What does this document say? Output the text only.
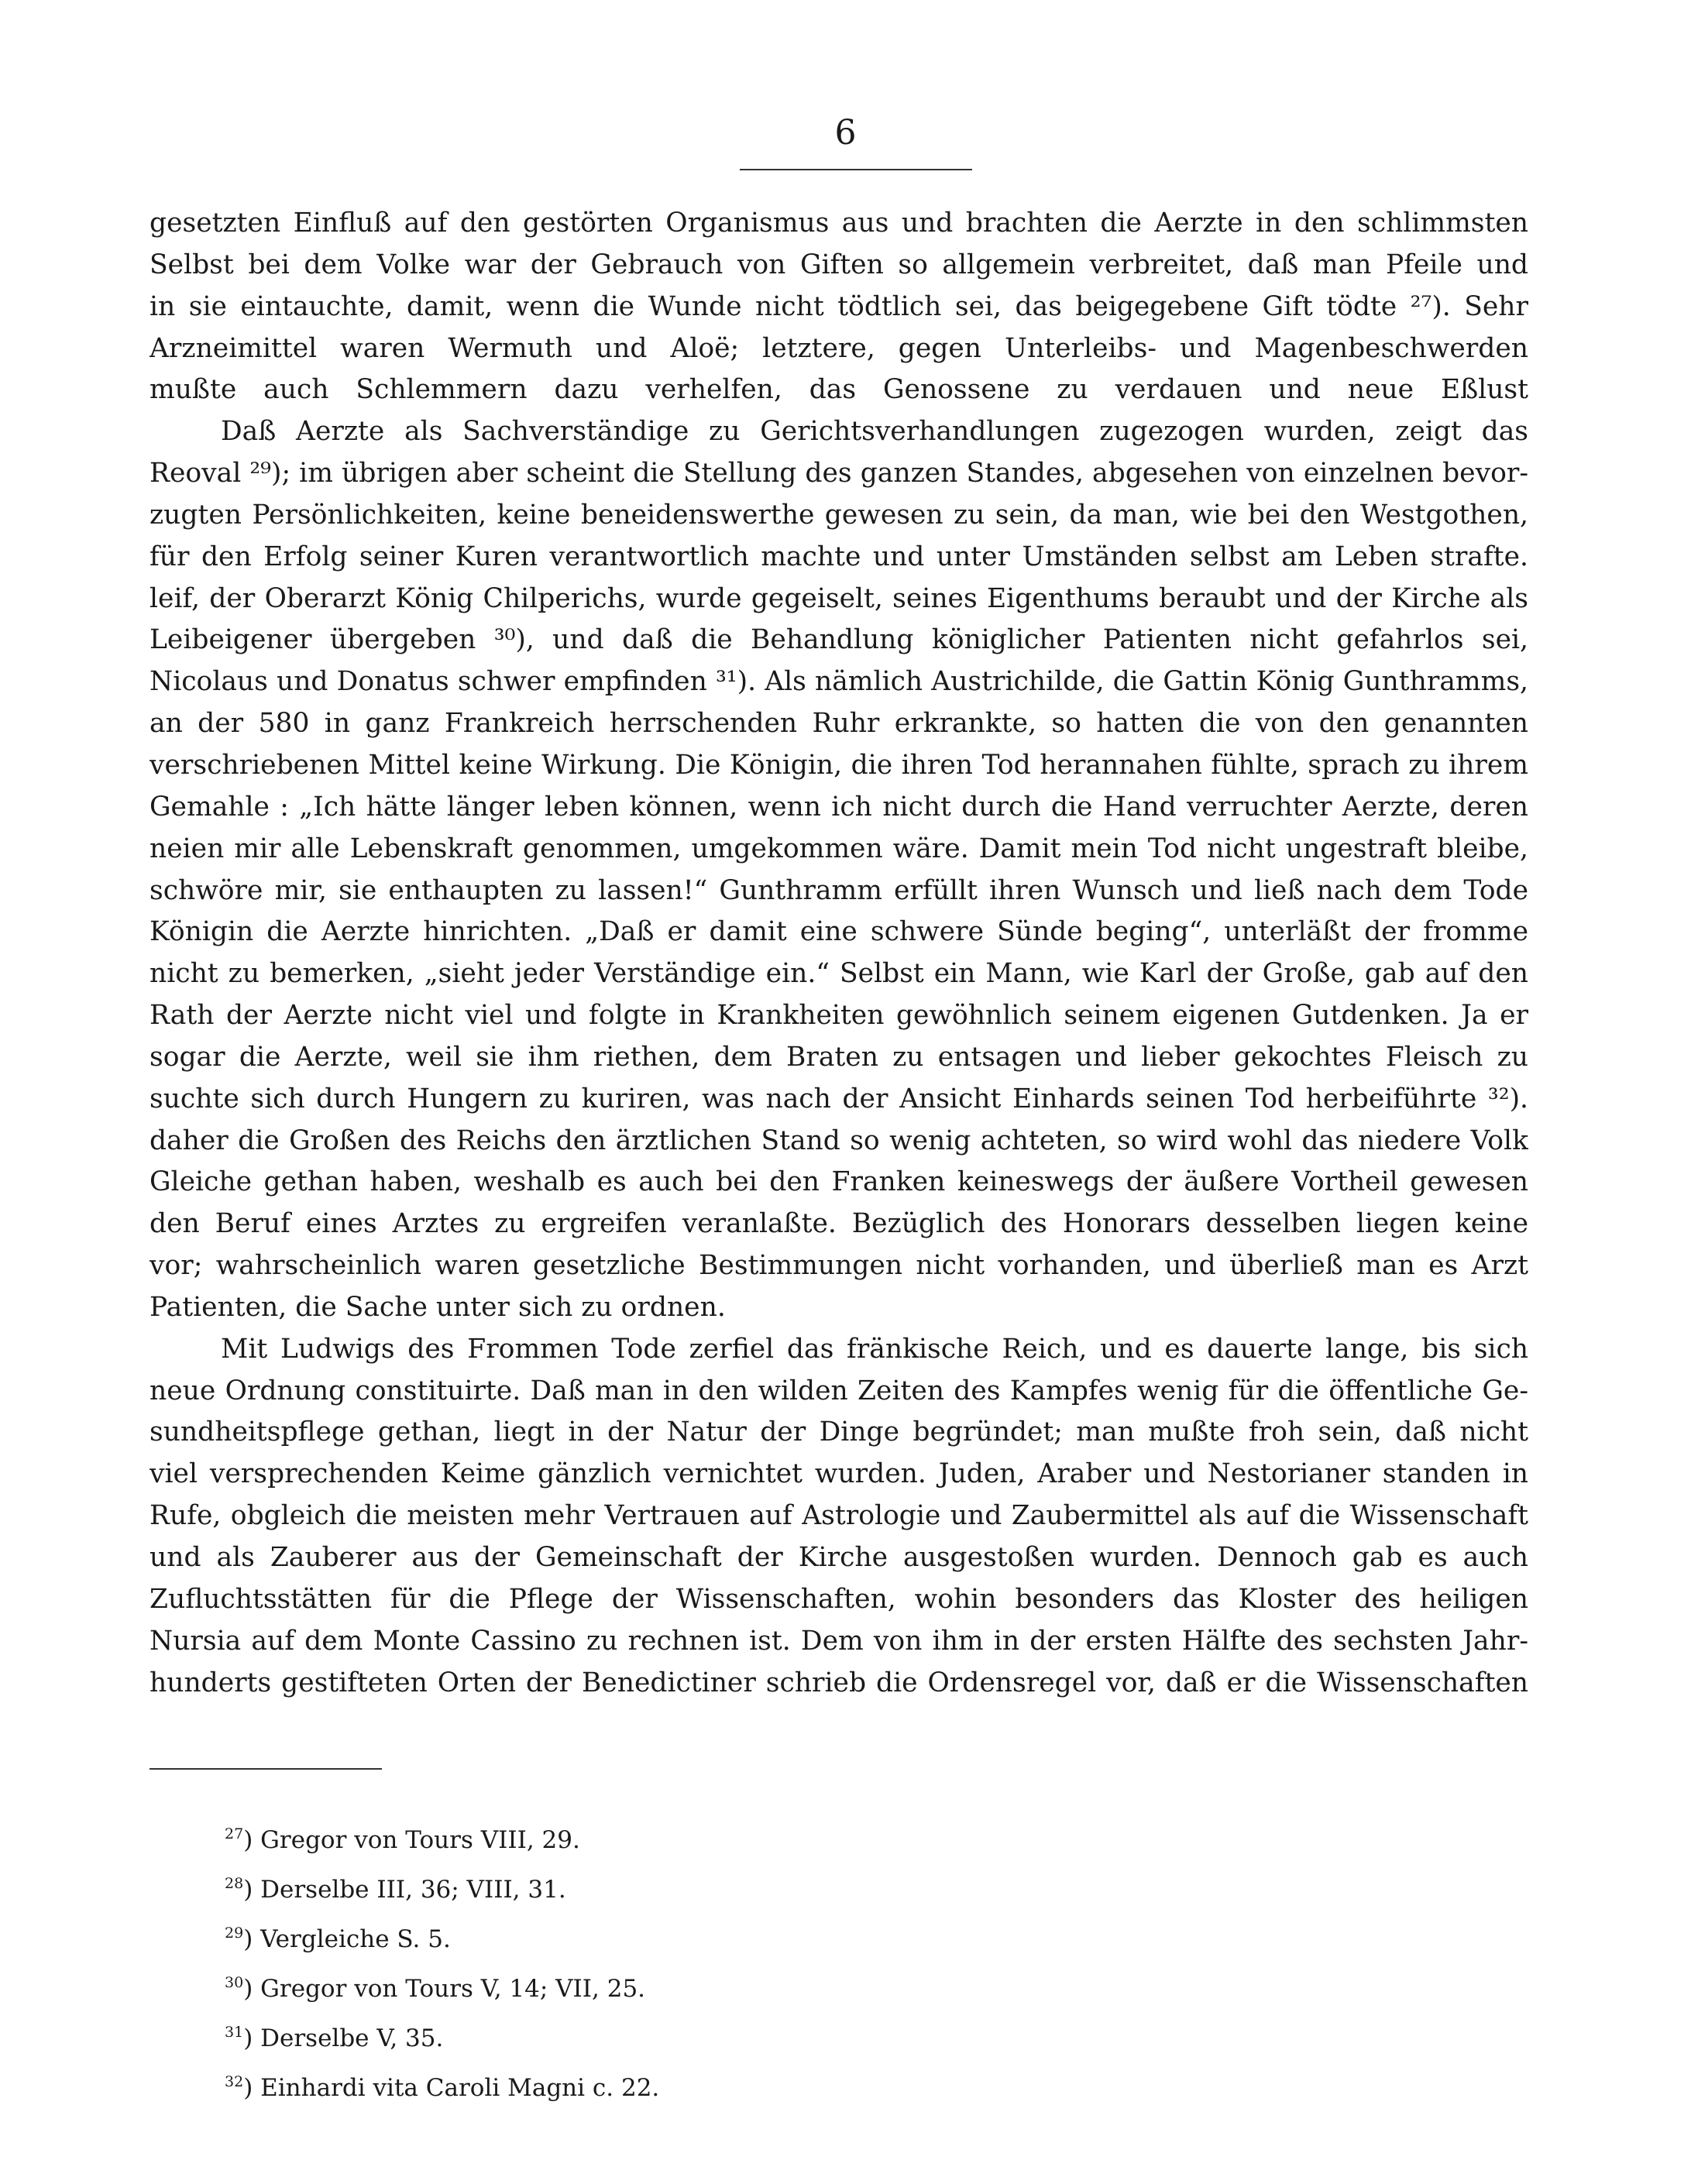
6
gesetzten Einfluß auf den gestörten Organismus aus und brachten die Aerzte in den schlimmsten
Selbst bei dem Volke war der Gebrauch von Giften so allgemein verbreitet, daß man Pfeile und
in sie eintauchte, damit, wenn die Wunde nicht tödtlich sei, das beigegebene Gift tödte ²⁷). Sehr
Arzneimittel waren Wermuth und Aloë; letztere, gegen Unterleibs- und Magenbeschwerden
mußte auch Schlemmern dazu verhelfen, das Genossene zu verdauen und neue Eßlust
Daß Aerzte als Sachverständige zu Gerichtsverhandlungen zugezogen wurden, zeigt das
Reoval ²⁹); im übrigen aber scheint die Stellung des ganzen Standes, abgesehen von einzelnen bevor-
zugten Persönlichkeiten, keine beneidenswerthe gewesen zu sein, da man, wie bei den Westgothen,
für den Erfolg seiner Kuren verantwortlich machte und unter Umständen selbst am Leben strafte.
leif, der Oberarzt König Chilperichs, wurde gegeiselt, seines Eigenthums beraubt und der Kirche als
Leibeigener übergeben ³⁰), und daß die Behandlung königlicher Patienten nicht gefahrlos sei,
Nicolaus und Donatus schwer empfinden ³¹). Als nämlich Austrichilde, die Gattin König Gunthramms,
an der 580 in ganz Frankreich herrschenden Ruhr erkrankte, so hatten die von den genannten
verschriebenen Mittel keine Wirkung. Die Königin, die ihren Tod herannahen fühlte, sprach zu ihrem
Gemahle : „Ich hätte länger leben können, wenn ich nicht durch die Hand verruchter Aerzte, deren
neien mir alle Lebenskraft genommen, umgekommen wäre. Damit mein Tod nicht ungestraft bleibe,
schwöre mir, sie enthaupten zu lassen!“ Gunthramm erfüllt ihren Wunsch und ließ nach dem Tode
Königin die Aerzte hinrichten. „Daß er damit eine schwere Sünde beging“, unterläßt der fromme
nicht zu bemerken, „sieht jeder Verständige ein.“ Selbst ein Mann, wie Karl der Große, gab auf den
Rath der Aerzte nicht viel und folgte in Krankheiten gewöhnlich seinem eigenen Gutdenken. Ja er
sogar die Aerzte, weil sie ihm riethen, dem Braten zu entsagen und lieber gekochtes Fleisch zu
suchte sich durch Hungern zu kuriren, was nach der Ansicht Einhards seinen Tod herbeiführte ³²).
daher die Großen des Reichs den ärztlichen Stand so wenig achteten, so wird wohl das niedere Volk
Gleiche gethan haben, weshalb es auch bei den Franken keineswegs der äußere Vortheil gewesen
den Beruf eines Arztes zu ergreifen veranlaßte. Bezüglich des Honorars desselben liegen keine
vor; wahrscheinlich waren gesetzliche Bestimmungen nicht vorhanden, und überließ man es Arzt
Patienten, die Sache unter sich zu ordnen.
Mit Ludwigs des Frommen Tode zerfiel das fränkische Reich, und es dauerte lange, bis sich
neue Ordnung constituirte. Daß man in den wilden Zeiten des Kampfes wenig für die öffentliche Ge-
sundheitspflege gethan, liegt in der Natur der Dinge begründet; man mußte froh sein, daß nicht
viel versprechenden Keime gänzlich vernichtet wurden. Juden, Araber und Nestorianer standen in
Rufe, obgleich die meisten mehr Vertrauen auf Astrologie und Zaubermittel als auf die Wissenschaft
und als Zauberer aus der Gemeinschaft der Kirche ausgestoßen wurden. Dennoch gab es auch
Zufluchtsstätten für die Pflege der Wissenschaften, wohin besonders das Kloster des heiligen
Nursia auf dem Monte Cassino zu rechnen ist. Dem von ihm in der ersten Hälfte des sechsten Jahr-
hunderts gestifteten Orten der Benedictiner schrieb die Ordensregel vor, daß er die Wissenschaften
$^{27}$) Gregor von Tours VIII, 29.
$^{28}$) Derselbe III, 36; VIII, 31.
$^{29}$) Vergleiche S. 5.
$^{30}$) Gregor von Tours V, 14; VII, 25.
$^{31}$) Derselbe V, 35.
$^{32}$) Einhardi vita Caroli Magni c. 22.
